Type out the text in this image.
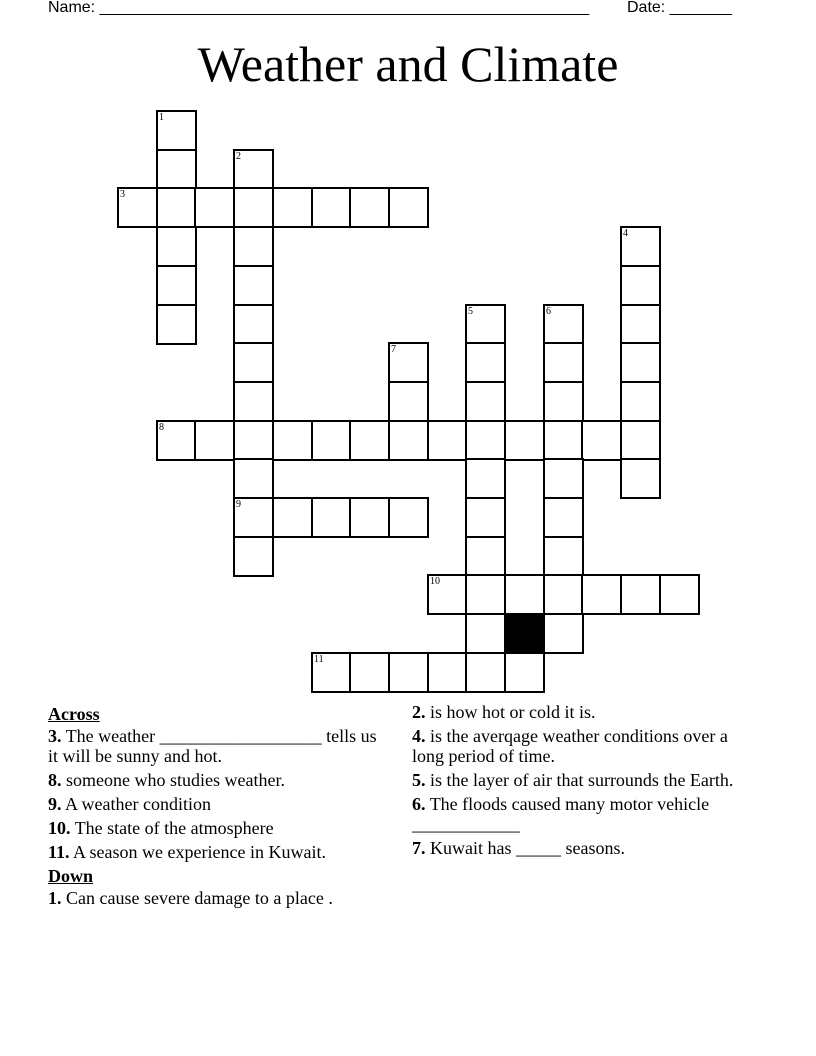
Name: _______________________________________________________ Date: _______
Weather and Climate
1
2
3
4
5	6
7
8
9
10
11
Across
3. The weather __________________ tells us it will be sunny and hot.
8. someone who studies weather.
9. A weather condition
10. The state of the atmosphere
11. A season we experience in Kuwait.
Down
1. Can cause severe damage to a place .
2. is how hot or cold it is.
4. is the averqage weather conditions over a long period of time.
5. is the layer of air that surrounds the Earth.
6. The floods caused many motor vehicle ____________
7. Kuwait has _____ seasons.
